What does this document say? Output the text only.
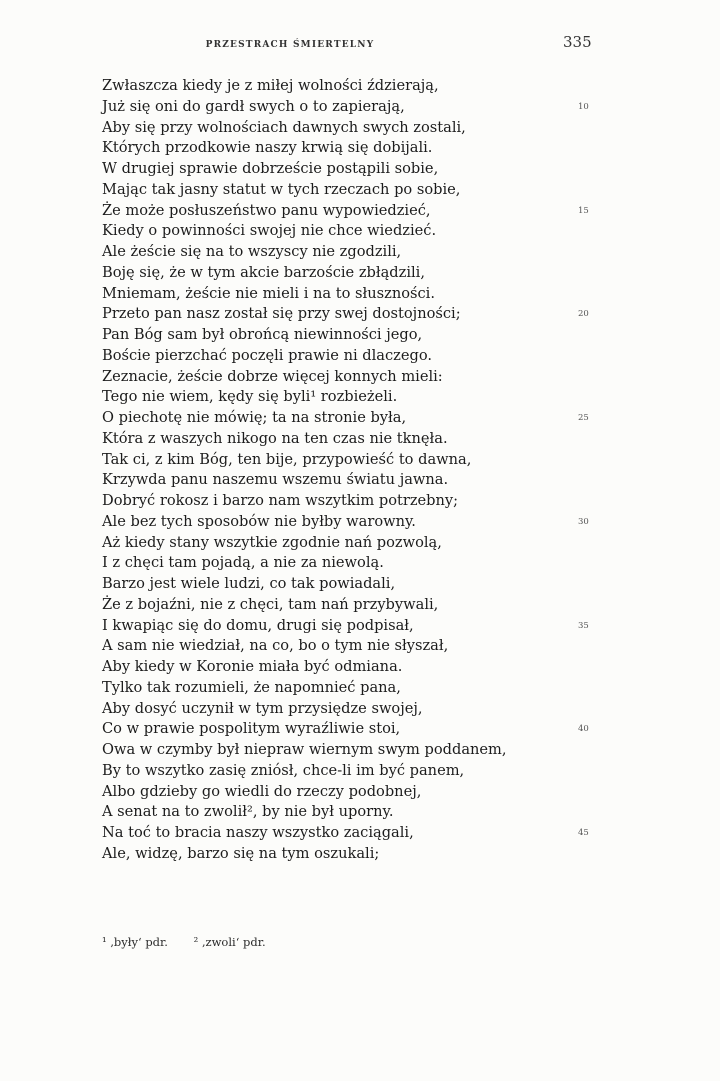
PRZESTRACH ŚMIERTELNY	335
Zwłaszcza kiedy je z miłej wolności ździerają,
Już się oni do gardł swych o to zapierają,	10
Aby się przy wolnościach dawnych swych zostali,
Których przodkowie naszy krwią się dobijali.
W drugiej sprawie dobrzeście postąpili sobie,
Mając tak jasny statut w tych rzeczach po sobie,
Że może posłuszeństwo panu wypowiedzieć,	15
Kiedy o powinności swojej nie chce wiedzieć.
Ale żeście się na to wszyscy nie zgodzili,
Boję się, że w tym akcie barzoście zbłądzili,
Mniemam, żeście nie mieli i na to słuszności.
Przeto pan nasz został się przy swej dostojności;	20
Pan Bóg sam był obrońcą niewinności jego,
Boście pierzchać poczęli prawie ni dlaczego.
Zeznacie, żeście dobrze więcej konnych mieli:
Tego nie wiem, kędy się byli¹ rozbieżeli.
O piechotę nie mówię; ta na stronie była,	25
Która z waszych nikogo na ten czas nie tknęła.
Tak ci, z kim Bóg, ten bije, przypowieść to dawna,
Krzywda panu naszemu wszemu światu jawna.
Dobryć rokosz i barzo nam wszytkim potrzebny;
Ale bez tych sposobów nie byłby warowny.	30
Aż kiedy stany wszytkie zgodnie nań pozwolą,
I z chęci tam pojadą, a nie za niewolą.
Barzo jest wiele ludzi, co tak powiadali,
Że z bojaźni, nie z chęci, tam nań przybywali,
I kwapiąc się do domu, drugi się podpisał,	35
A sam nie wiedział, na co, bo o tym nie słyszał,
Aby kiedy w Koronie miała być odmiana.
Tylko tak rozumieli, że napomnieć pana,
Aby dosyć uczynił w tym przysiędze swojej,
Co w prawie pospolitym wyraźliwie stoi,	40
Owa w czymby był niepraw wiernym swym poddanem,
By to wszytko zasię zniósł, chce-li im być panem,
Albo gdzieby go wiedli do rzeczy podobnej,
A senat na to zwolił², by nie był uporny.
Na toć to bracia naszy wszystko zaciągali,	45
Ale, widzę, barzo się na tym oszukali;
¹ ‚były‘ pdr. ² ‚zwoli‘ pdr.
